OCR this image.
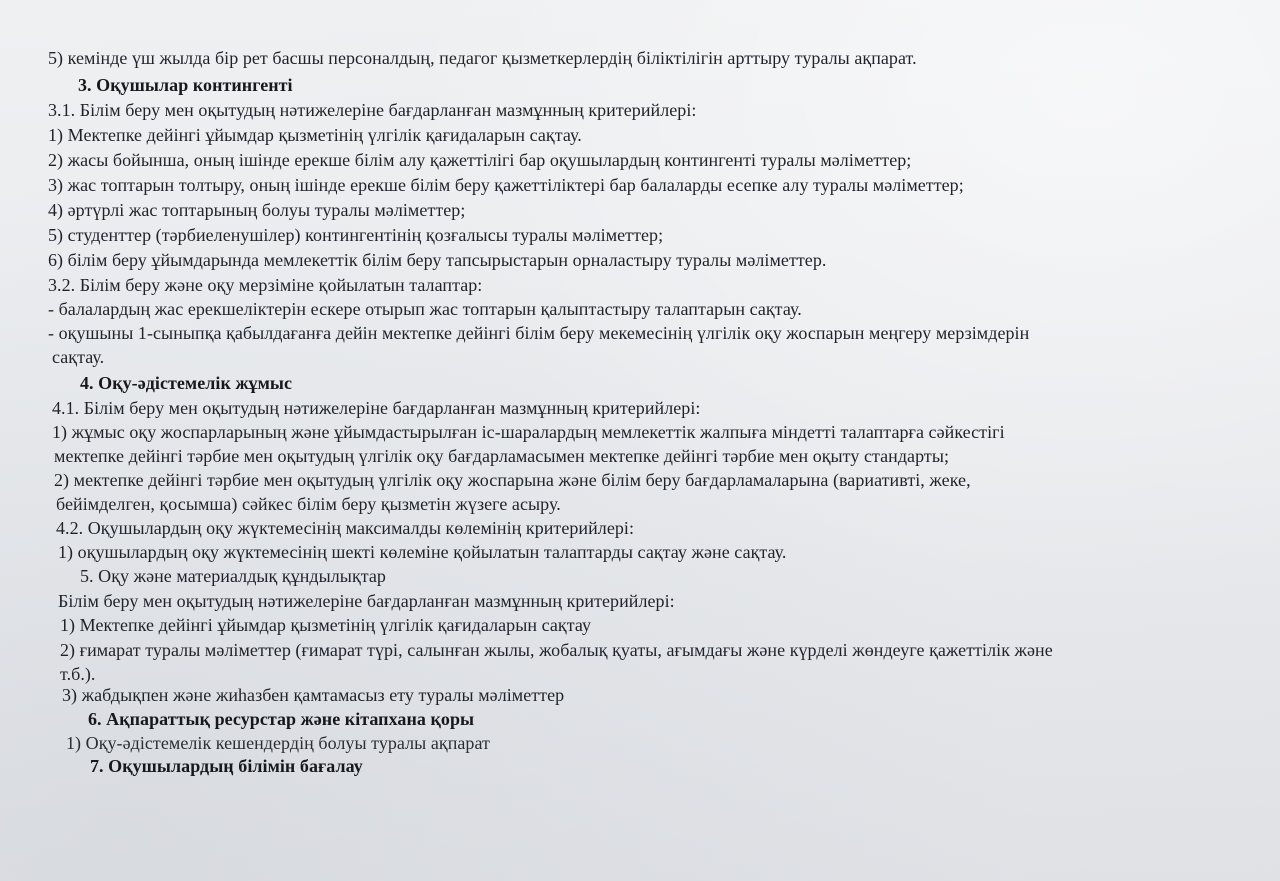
5) кемінде үш жылда бір рет басшы персоналдың, педагог қызметкерлердің біліктілігін арттыру туралы ақпарат.
3. Оқушылар контингенті
3.1. Білім беру мен оқытудың нәтижелеріне бағдарланған мазмұнның критерийлері:
1) Мектепке дейінгі ұйымдар қызметінің үлгілік қағидаларын сақтау.
2) жасы бойынша, оның ішінде ерекше білім алу қажеттілігі бар оқушылардың контингенті туралы мәліметтер;
3) жас топтарын толтыру, оның ішінде ерекше білім беру қажеттіліктері бар балаларды есепке алу туралы мәліметтер;
4) әртүрлі жас топтарының болуы туралы мәліметтер;
5) студенттер (тәрбиеленушілер) контингентінің қозғалысы туралы мәліметтер;
6) білім беру ұйымдарында мемлекеттік білім беру тапсырыстарын орналастыру туралы мәліметтер.
3.2. Білім беру және оқу мерзіміне қойылатын талаптар:
- балалардың жас ерекшеліктерін ескере отырып жас топтарын қалыптастыру талаптарын сақтау.
- оқушыны 1-сыныпқа қабылдағанға дейін мектепке дейінгі білім беру мекемесінің үлгілік оқу жоспарын меңгеру мерзімдерін
сақтау.
4. Оқу-әдістемелік жұмыс
4.1. Білім беру мен оқытудың нәтижелеріне бағдарланған мазмұнның критерийлері:
1) жұмыс оқу жоспарларының және ұйымдастырылған іс-шаралардың мемлекеттік жалпыға міндетті талаптарға сәйкестігі
мектепке дейінгі тәрбие мен оқытудың үлгілік оқу бағдарламасымен мектепке дейінгі тәрбие мен оқыту стандарты;
2) мектепке дейінгі тәрбие мен оқытудың үлгілік оқу жоспарына және білім беру бағдарламаларына (вариативті, жеке,
бейімделген, қосымша) сәйкес білім беру қызметін жүзеге асыру.
4.2. Оқушылардың оқу жүктемесінің максималды көлемінің критерийлері:
1) оқушылардың оқу жүктемесінің шекті көлеміне қойылатын талаптарды сақтау және сақтау.
5. Оқу және материалдық құндылықтар
Білім беру мен оқытудың нәтижелеріне бағдарланған мазмұнның критерийлері:
1) Мектепке дейінгі ұйымдар қызметінің үлгілік қағидаларын сақтау
2) ғимарат туралы мәліметтер (ғимарат түрі, салынған жылы, жобалық қуаты, ағымдағы және күрделі жөндеуге қажеттілік және
т.б.).
3) жабдықпен және жиһазбен қамтамасыз ету туралы мәліметтер
6. Ақпараттық ресурстар және кітапхана қоры
1) Оқу-әдістемелік кешендердің болуы туралы ақпарат
7. Оқушылардың білімін бағалау
